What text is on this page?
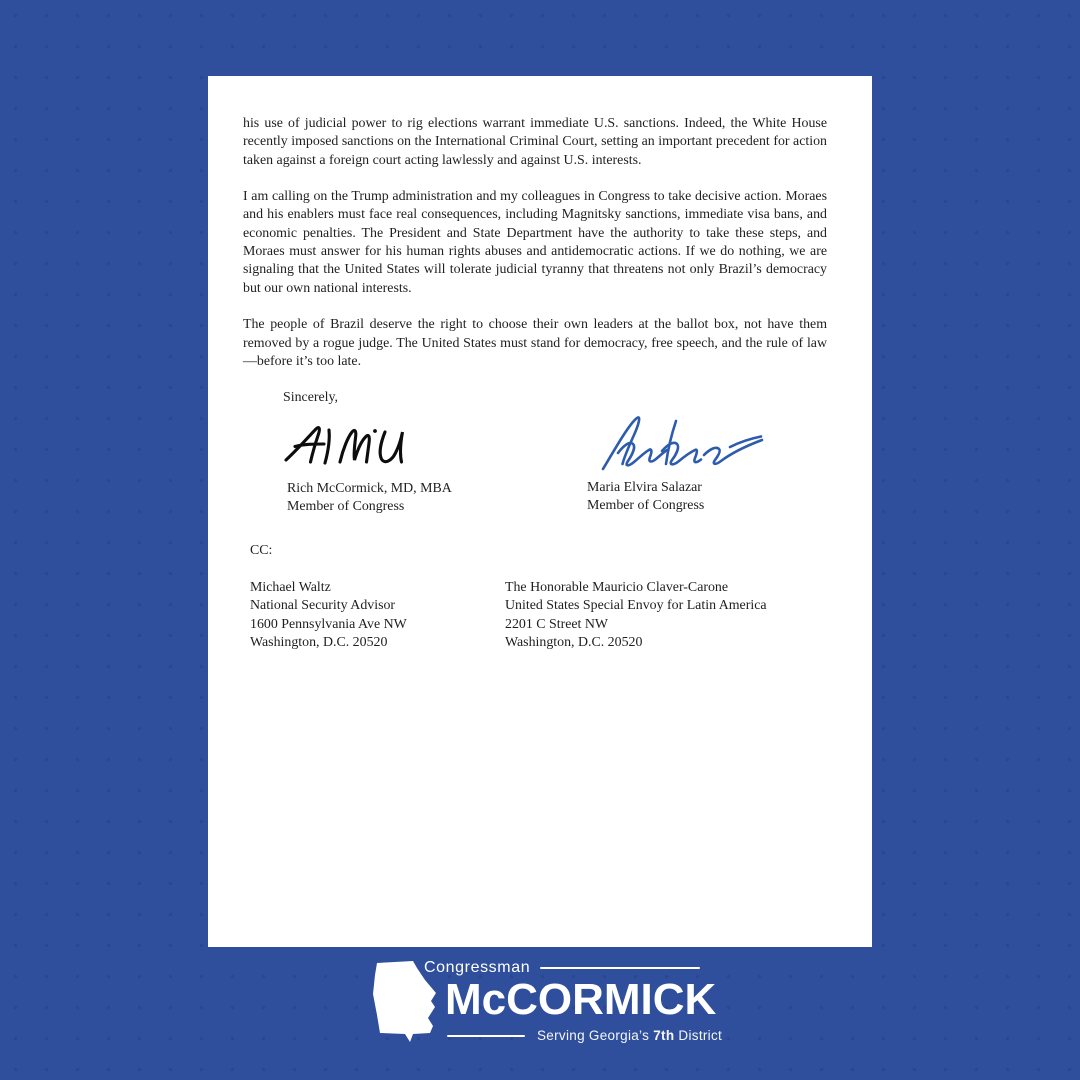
his use of judicial power to rig elections warrant immediate U.S. sanctions. Indeed, the White House recently imposed sanctions on the International Criminal Court, setting an important precedent for action taken against a foreign court acting lawlessly and against U.S. interests.

I am calling on the Trump administration and my colleagues in Congress to take decisive action. Moraes and his enablers must face real consequences, including Magnitsky sanctions, immediate visa bans, and economic penalties. The President and State Department have the authority to take these steps, and Moraes must answer for his human rights abuses and antidemocratic actions. If we do nothing, we are signaling that the United States will tolerate judicial tyranny that threatens not only Brazil’s democracy but our own national interests.

The people of Brazil deserve the right to choose their own leaders at the ballot box, not have them removed by a rogue judge. The United States must stand for democracy, free speech, and the rule of law—before it’s too late.

Sincerely,
Rich McCormick, MD, MBA
Member of Congress
Maria Elvira Salazar
Member of Congress
CC:
Michael Waltz
National Security Advisor
1600 Pennsylvania Ave NW
Washington, D.C. 20520
The Honorable Mauricio Claver-Carone
United States Special Envoy for Latin America
2201 C Street NW
Washington, D.C. 20520
Congressman
McCORMICK
Serving Georgia’s 7th District
